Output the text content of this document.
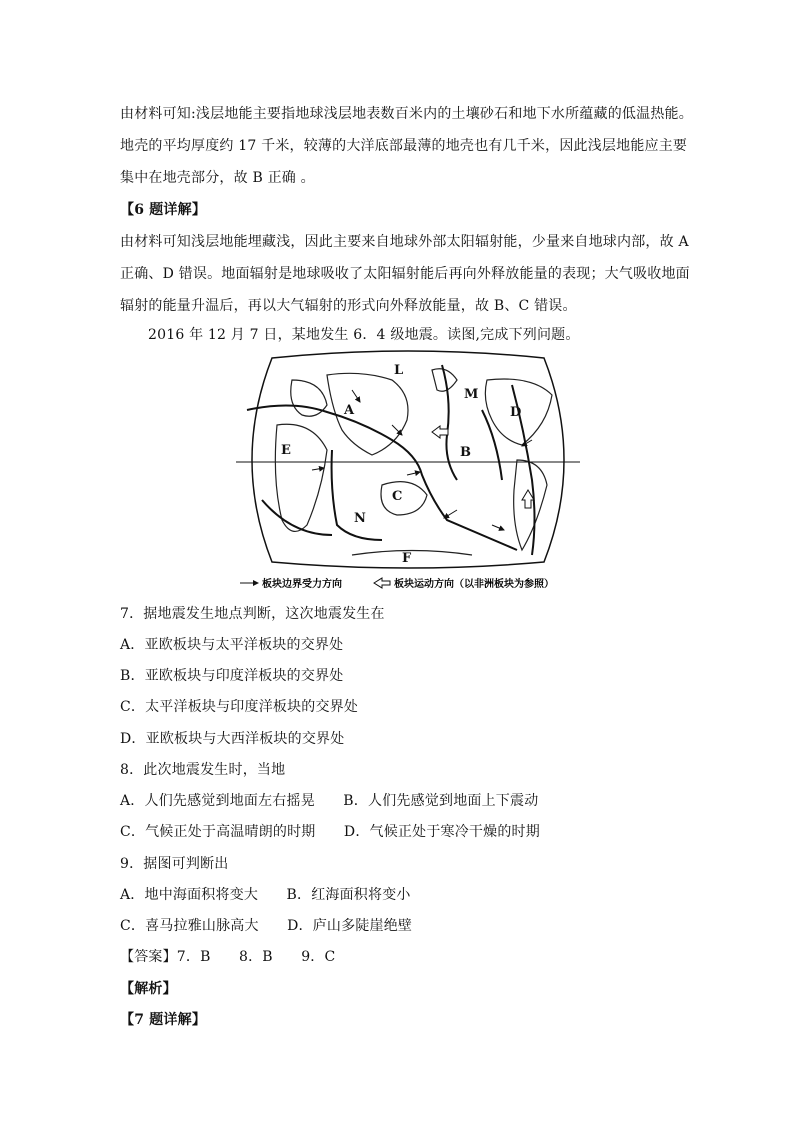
由材料可知:浅层地能主要指地球浅层地表数百米内的土壤砂石和地下水所蕴藏的低温热能。
地壳的平均厚度约 17 千米，较薄的大洋底部最薄的地壳也有几千米，因此浅层地能应主要
集中在地壳部分，故 B 正确 。
【6 题详解】
由材料可知浅层地能埋藏浅，因此主要来自地球外部太阳辐射能，少量来自地球内部，故 A
正确、D 错误。地面辐射是地球吸收了太阳辐射能后再向外释放能量的表现；大气吸收地面
辐射的能量升温后，再以大气辐射的形式向外释放能量，故 B、C 错误。
2016 年 12 月 7 日，某地发生 6．4 级地震。读图,完成下列问题。
A
B
C
D
E
F
M
N
L
板块边界受力方向	板块运动方向（以非洲板块为参照）
7．据地震发生地点判断，这次地震发生在
A．亚欧板块与太平洋板块的交界处
B．亚欧板块与印度洋板块的交界处
C．太平洋板块与印度洋板块的交界处
D．亚欧板块与大西洋板块的交界处
8．此次地震发生时，当地
A．人们先感觉到地面左右摇晃　　B．人们先感觉到地面上下震动
C．气候正处于高温晴朗的时期　　D．气候正处于寒冷干燥的时期
9．据图可判断出
A．地中海面积将变大　　B．红海面积将变小
C．喜马拉雅山脉高大　　D．庐山多陡崖绝壁
【答案】7．B　　8．B　　9．C
【解析】
【7 题详解】
